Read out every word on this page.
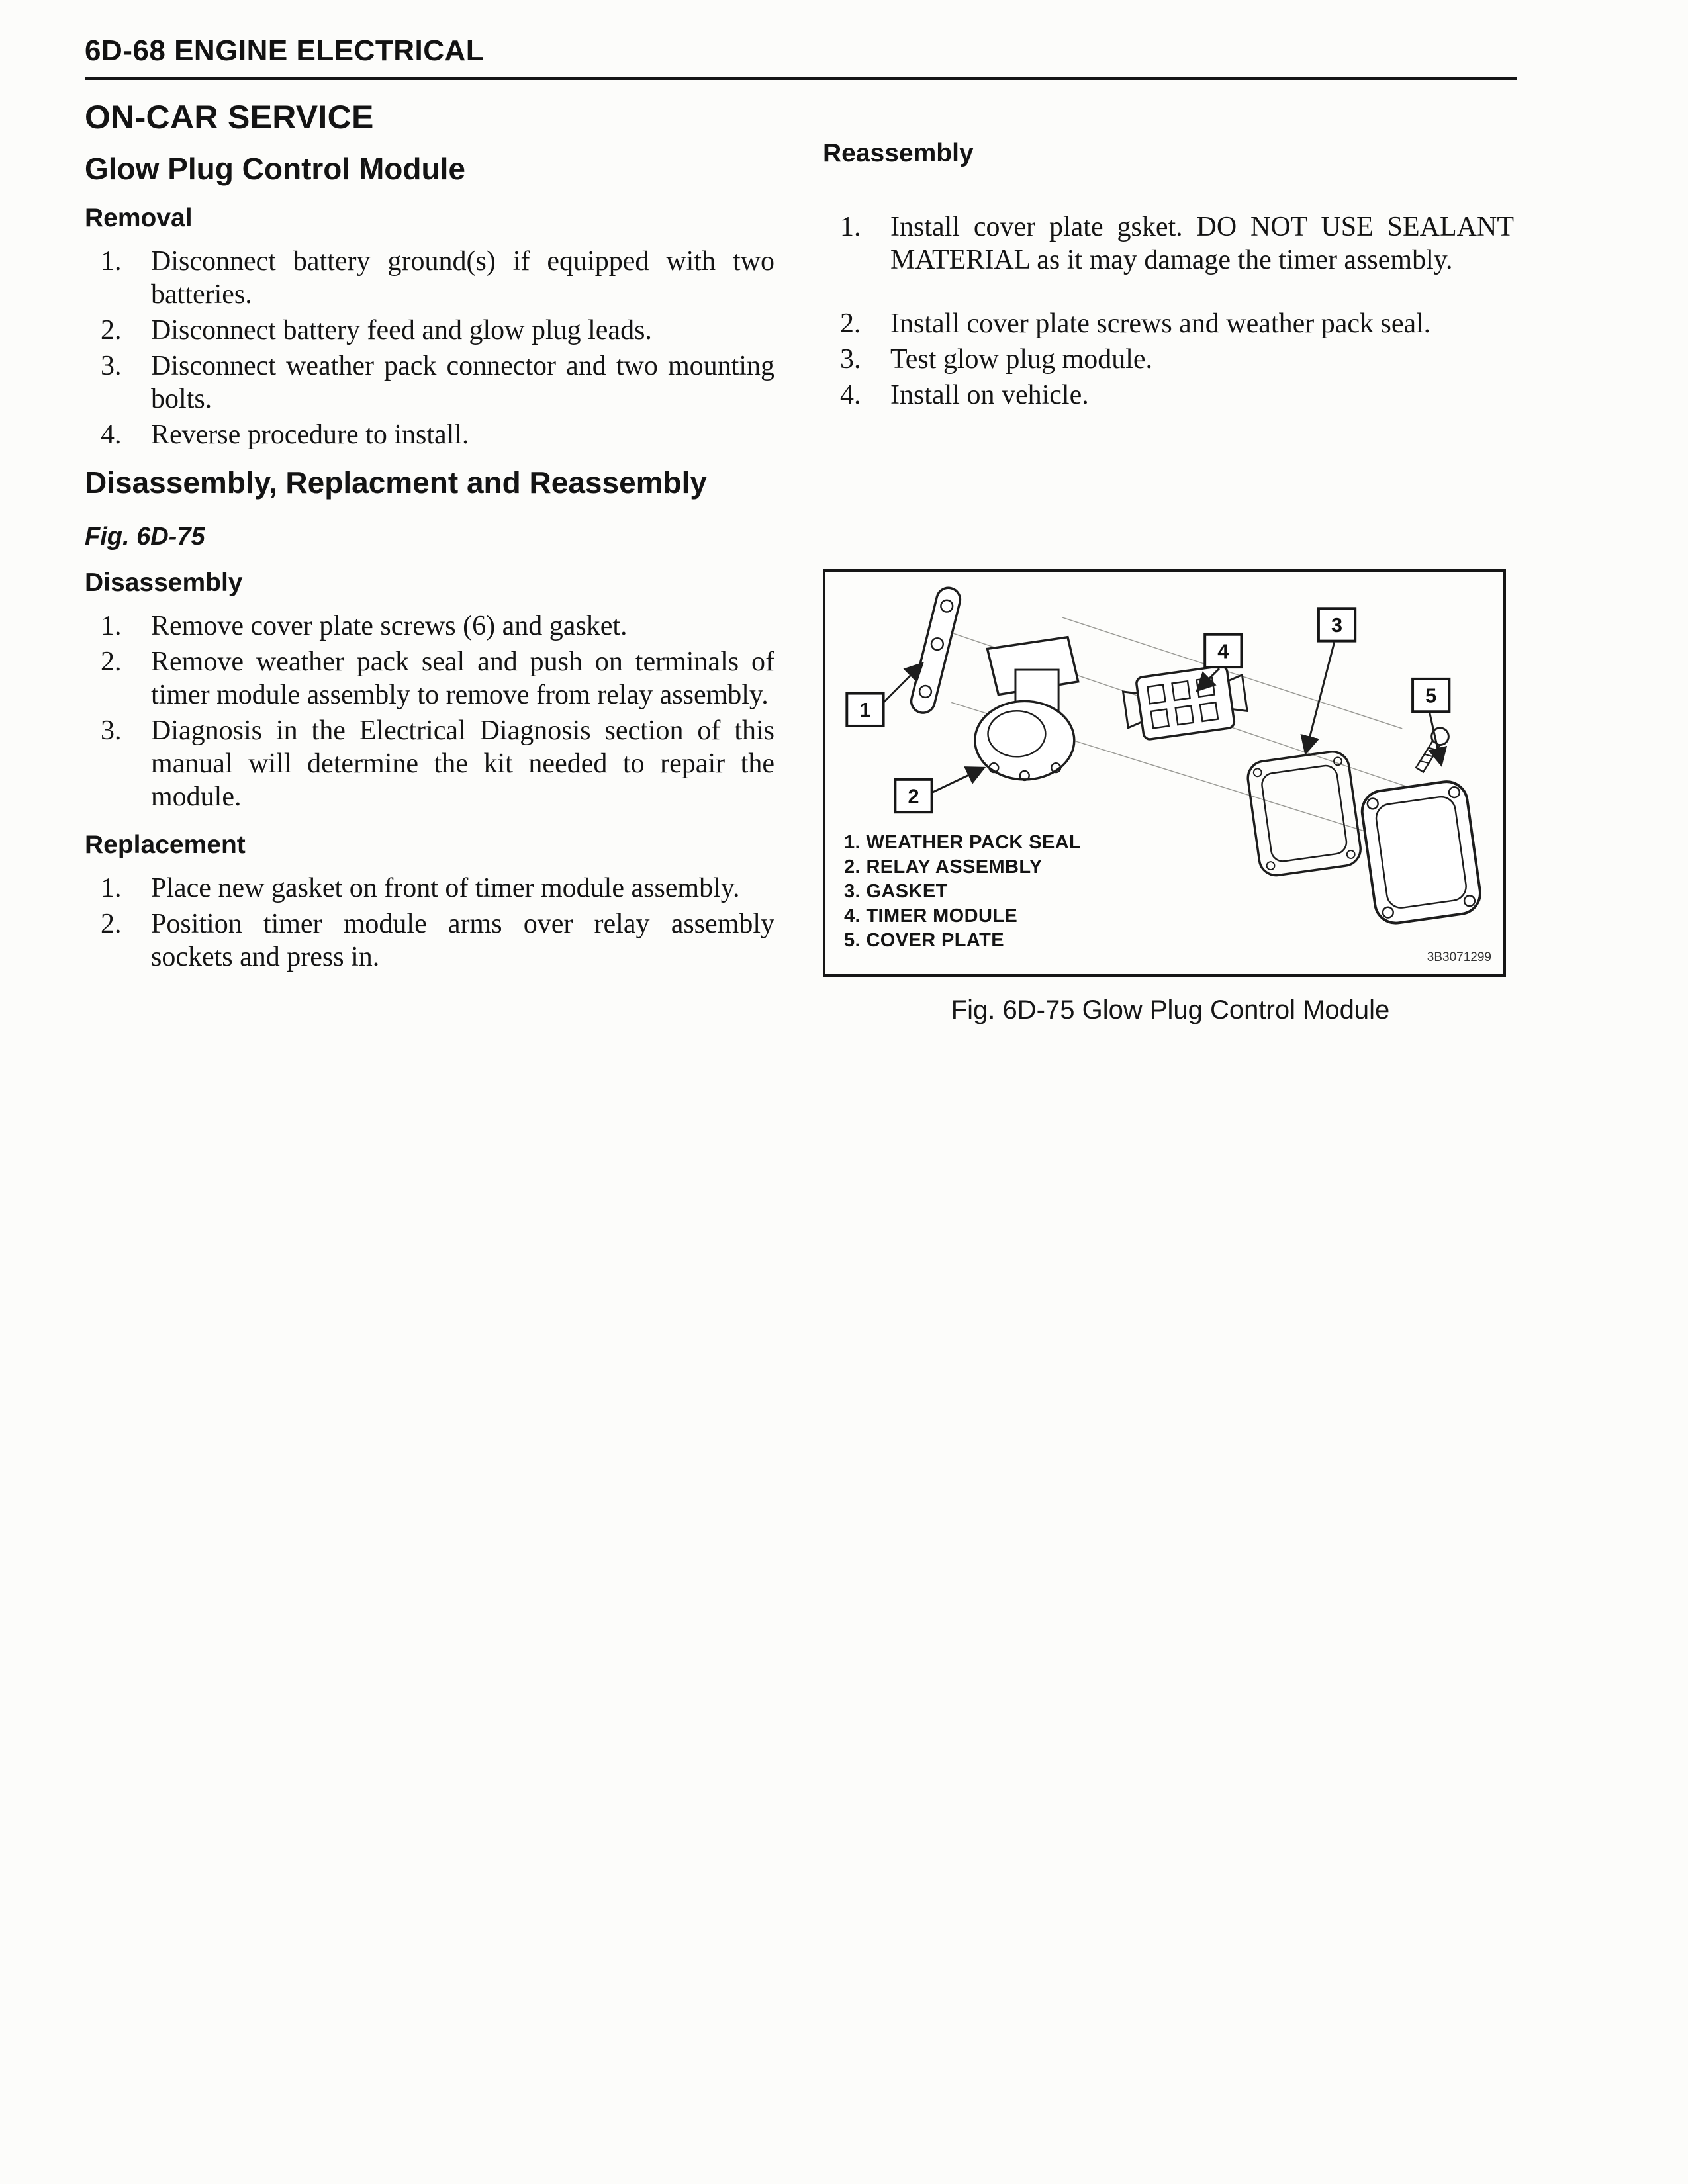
6D-68 ENGINE ELECTRICAL
ON-CAR SERVICE
Glow Plug Control Module
Removal
1.	Disconnect battery ground(s) if equipped with two batteries.
2.	Disconnect battery feed and glow plug leads.
3.	Disconnect weather pack connector and two mounting bolts.
4.	Reverse procedure to install.
Disassembly, Replacment and Reassembly
Fig. 6D-75
Disassembly
1.	Remove cover plate screws (6) and gasket.
2.	Remove weather pack seal and push on terminals of timer module assembly to remove from relay assembly.
3.	Diagnosis in the Electrical Diagnosis section of this manual will determine the kit needed to repair the module.
Replacement
1.	Place new gasket on front of timer module assembly.
2.	Position timer module arms over relay assembly sockets and press in.
Reassembly
1.	Install cover plate gsket. DO NOT USE SEALANT MATERIAL as it may damage the timer assembly.
2.	Install cover plate screws and weather pack seal.
3.	Test glow plug module.
4.	Install on vehicle.
1
2
3
4
5
1. WEATHER PACK SEAL
2. RELAY ASSEMBLY
3. GASKET
4. TIMER MODULE
5. COVER PLATE
3B3071299
Fig. 6D-75 Glow Plug Control Module
